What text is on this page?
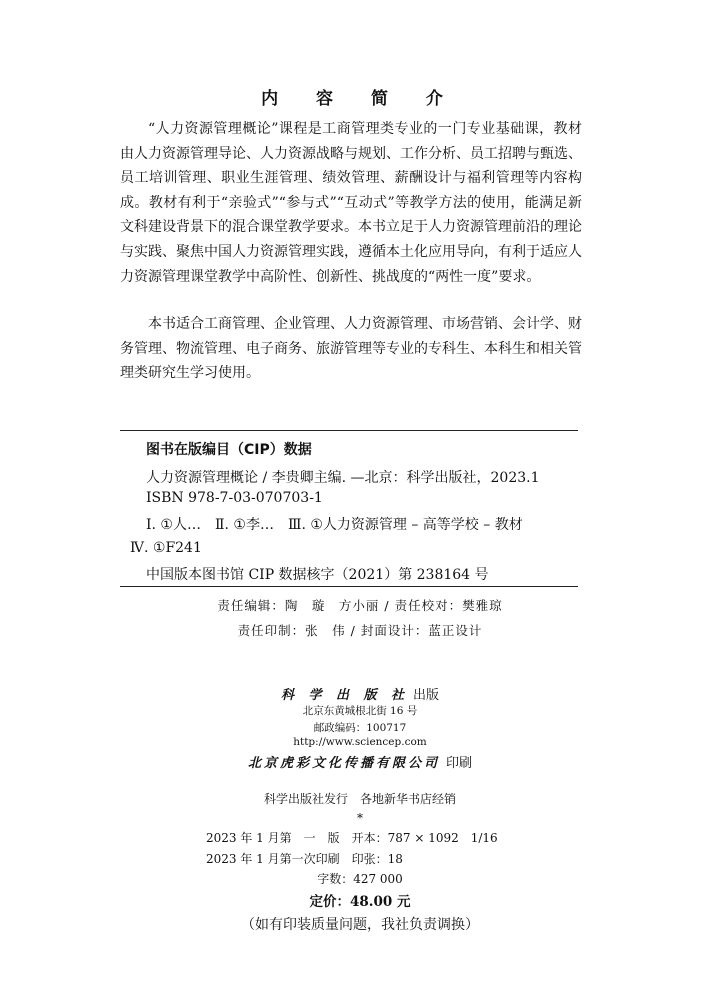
内 容 简 介

“人力资源管理概论”课程是工商管理类专业的一门专业基础课，教材由人力资源管理导论、人力资源战略与规划、工作分析、员工招聘与甄选、员工培训管理、职业生涯管理、绩效管理、薪酬设计与福利管理等内容构成。教材有利于“亲验式”“参与式”“互动式”等教学方法的使用，能满足新文科建设背景下的混合课堂教学要求。本书立足于人力资源管理前沿的理论与实践、聚焦中国人力资源管理实践，遵循本土化应用导向，有利于适应人力资源管理课堂教学中高阶性、创新性、挑战度的“两性一度”要求。

本书适合工商管理、企业管理、人力资源管理、市场营销、会计学、财务管理、物流管理、电子商务、旅游管理等专业的专科生、本科生和相关管理类研究生学习使用。

图书在版编目（CIP）数据
人力资源管理概论 / 李贵卿主编. —北京：科学出版社，2023.1
ISBN 978-7-03-070703-1
Ⅰ. ①人…　Ⅱ. ①李…　Ⅲ. ①人力资源管理 – 高等学校 – 教材
Ⅳ. ①F241
中国版本图书馆 CIP 数据核字（2021）第 238164 号
责任编辑：陶　璇　方小丽 / 责任校对：樊雅琼
责任印制：张　伟 / 封面设计：蓝正设计
科 学 出 版 社 出版
北京东黄城根北街 16 号
邮政编码：100717
http://www.sciencep.com
北京虎彩文化传播有限公司 印刷
科学出版社发行　各地新华书店经销
*
2023 年 1 月第　一　版　开本：787 × 1092　1/16
2023 年 1 月第一次印刷　印张：18
字数：427 000
定价：48.00 元
（如有印装质量问题，我社负责调换）
